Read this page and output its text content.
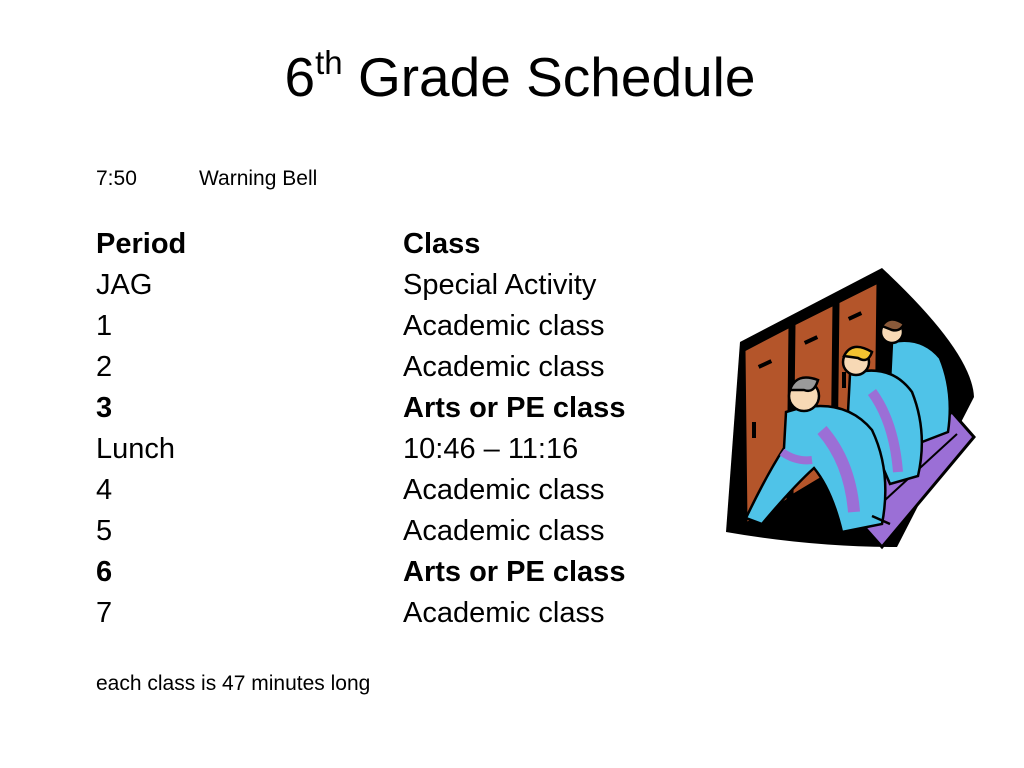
6th Grade Schedule
7:50	Warning Bell
Period	Class
JAG	Special Activity
1	Academic class
2	Academic class
3	Arts or PE class
Lunch	10:46 – 11:16
4	Academic class
5	Academic class
6	Arts or PE class
7	Academic class
each class is 47 minutes long
